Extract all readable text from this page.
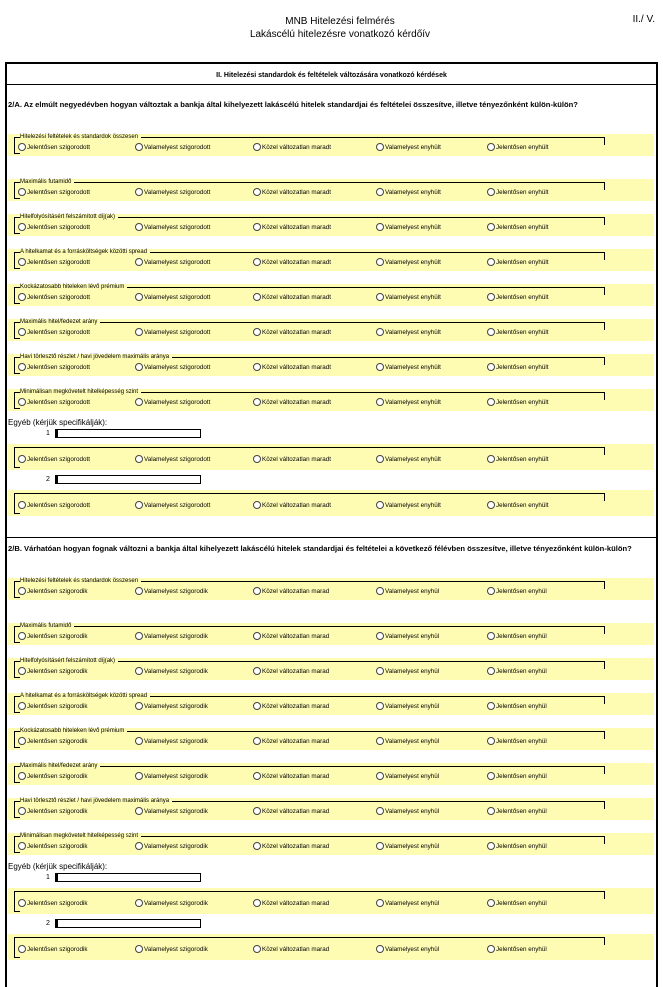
MNB Hitelezési felmérés
Lakáscélú hitelezésre vonatkozó kérdőív
II./ V.
II. Hitelezési standardok és feltételek változására vonatkozó kérdések
2/A. Az elmúlt negyedévben hogyan változtak a bankja által kihelyezett lakáscélú hitelek standardjai és feltételei összesítve, illetve tényezőnként külön-külön?
Hitelezési feltételek és standardok összesen
Jelentősen szigorodott	Valamelyest szigorodott	Közel változatlan maradt	Valamelyest enyhült	Jelentősen enyhült
Maximális futamidő
Jelentősen szigorodott	Valamelyest szigorodott	Közel változatlan maradt	Valamelyest enyhült	Jelentősen enyhült
Hitelfolyósításért felszámított díj(ak)
Jelentősen szigorodott	Valamelyest szigorodott	Közel változatlan maradt	Valamelyest enyhült	Jelentősen enyhült
A hitelkamat és a forrásköltségek közötti spread
Jelentősen szigorodott	Valamelyest szigorodott	Közel változatlan maradt	Valamelyest enyhült	Jelentősen enyhült
Kockázatosabb hiteleken lévő prémium
Jelentősen szigorodott	Valamelyest szigorodott	Közel változatlan maradt	Valamelyest enyhült	Jelentősen enyhült
Maximális hitel/fedezet arány
Jelentősen szigorodott	Valamelyest szigorodott	Közel változatlan maradt	Valamelyest enyhült	Jelentősen enyhült
Havi törlesztő részlet / havi jövedelem maximális aránya
Jelentősen szigorodott	Valamelyest szigorodott	Közel változatlan maradt	Valamelyest enyhült	Jelentősen enyhült
Minimálisan megkövetelt hitelképesség szint
Jelentősen szigorodott	Valamelyest szigorodott	Közel változatlan maradt	Valamelyest enyhült	Jelentősen enyhült
Egyéb (kérjük specifikálják):
1
Jelentősen szigorodott	Valamelyest szigorodott	Közel változatlan maradt	Valamelyest enyhült	Jelentősen enyhült
2
Jelentősen szigorodott	Valamelyest szigorodott	Közel változatlan maradt	Valamelyest enyhült	Jelentősen enyhült
2/B. Várhatóan hogyan fognak változni a bankja által kihelyezett lakáscélú hitelek standardjai és feltételei a következő félévben összesítve, illetve tényezőnként külön-külön?
Hitelezési feltételek és standardok összesen
Jelentősen szigorodik	Valamelyest szigorodik	Közel változatlan marad	Valamelyest enyhül	Jelentősen enyhül
Maximális futamidő
Jelentősen szigorodik	Valamelyest szigorodik	Közel változatlan marad	Valamelyest enyhül	Jelentősen enyhül
Hitelfolyósításért felszámított díj(ak)
Jelentősen szigorodik	Valamelyest szigorodik	Közel változatlan marad	Valamelyest enyhül	Jelentősen enyhül
A hitelkamat és a forrásköltségek közötti spread
Jelentősen szigorodik	Valamelyest szigorodik	Közel változatlan marad	Valamelyest enyhül	Jelentősen enyhül
Kockázatosabb hiteleken lévő prémium
Jelentősen szigorodik	Valamelyest szigorodik	Közel változatlan marad	Valamelyest enyhül	Jelentősen enyhül
Maximális hitel/fedezet arány
Jelentősen szigorodik	Valamelyest szigorodik	Közel változatlan marad	Valamelyest enyhül	Jelentősen enyhül
Havi törlesztő részlet / havi jövedelem maximális aránya
Jelentősen szigorodik	Valamelyest szigorodik	Közel változatlan marad	Valamelyest enyhül	Jelentősen enyhül
Minimálisan megkövetelt hitelképesség szint
Jelentősen szigorodik	Valamelyest szigorodik	Közel változatlan marad	Valamelyest enyhül	Jelentősen enyhül
Egyéb (kérjük specifikálják):
1
Jelentősen szigorodik	Valamelyest szigorodik	Közel változatlan marad	Valamelyest enyhül	Jelentősen enyhül
2
Jelentősen szigorodik	Valamelyest szigorodik	Közel változatlan marad	Valamelyest enyhül	Jelentősen enyhül
